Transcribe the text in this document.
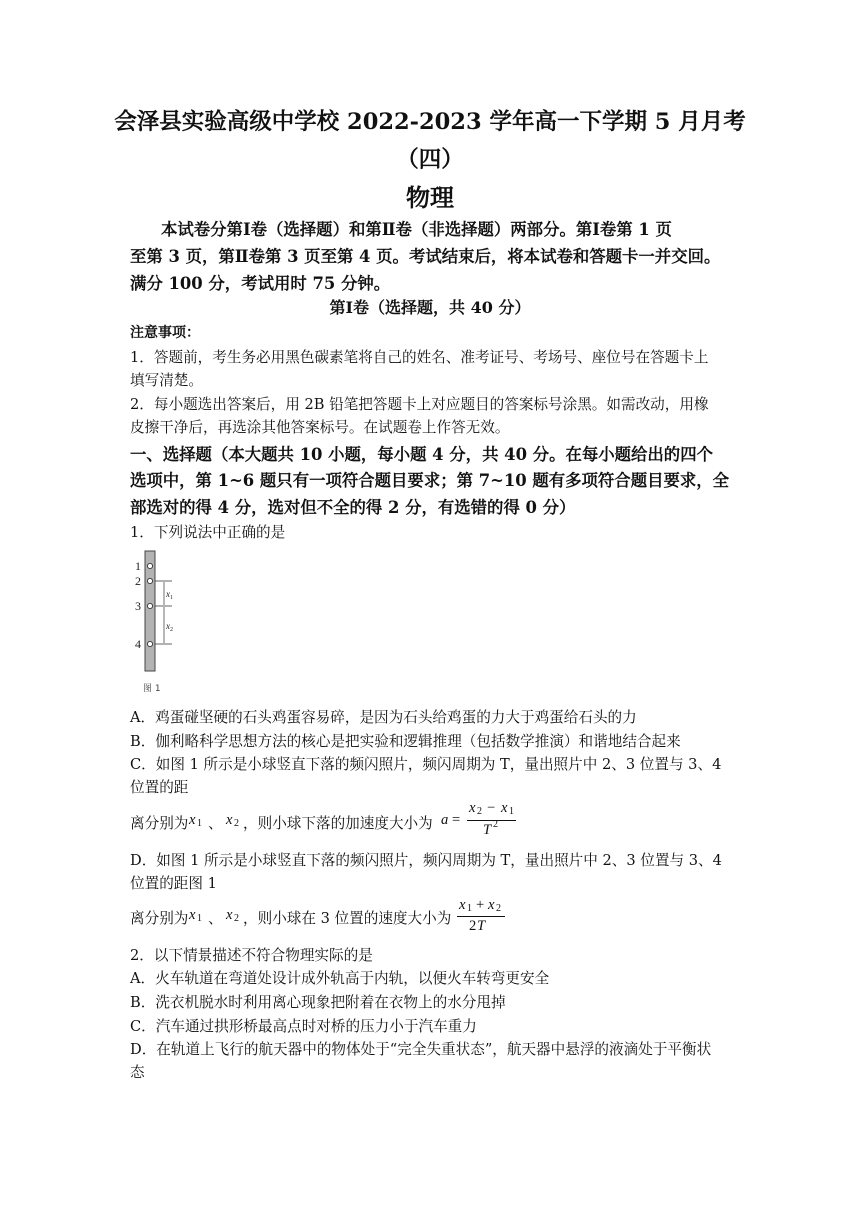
会泽县实验高级中学校 2022-2023 学年高一下学期 5 月月考
（四）
物理
本试卷分第Ⅰ卷（选择题）和第Ⅱ卷（非选择题）两部分。第Ⅰ卷第 1 页
至第 3 页，第Ⅱ卷第 3 页至第 4 页。考试结束后，将本试卷和答题卡一并交回。
满分 100 分，考试用时 75 分钟。
第Ⅰ卷（选择题，共 40 分）
注意事项：
1．答题前，考生务必用黑色碳素笔将自己的姓名、准考证号、考场号、座位号在答题卡上
填写清楚。
2．每小题选出答案后，用 2B 铅笔把答题卡上对应题目的答案标号涂黑。如需改动，用橡
皮擦干净后，再选涂其他答案标号。在试题卷上作答无效。
一、选择题（本大题共 10 小题，每小题 4 分，共 40 分。在每小题给出的四个
选项中，第 1~6 题只有一项符合题目要求；第 7~10 题有多项符合题目要求，全
部选对的得 4 分，选对但不全的得 2 分，有选错的得 0 分）
1．下列说法中正确的是
1
2
3
4
$x_1$
$x_2$
图 1
A．鸡蛋碰坚硬的石头鸡蛋容易碎，是因为石头给鸡蛋的力大于鸡蛋给石头的力
B．伽利略科学思想方法的核心是把实验和逻辑推理（包括数学推演）和谐地结合起来
C．如图 1 所示是小球竖直下落的频闪照片，频闪周期为 T，量出照片中 2、3 位置与 3、4
位置的距
离分别为 x 1 、 x 2 ，则小球下落的加速度大小为 a =
x 2 − x 1
T 2
D．如图 1 所示是小球竖直下落的频闪照片，频闪周期为 T，量出照片中 2、3 位置与 3、4
位置的距图 1
离分别为 x 1 、 x 2 ，则小球在 3 位置的速度大小为
x 1 + x 2
2 T
2．以下情景描述不符合物理实际的是
A．火车轨道在弯道处设计成外轨高于内轨，以便火车转弯更安全
B．洗衣机脱水时利用离心现象把附着在衣物上的水分甩掉
C．汽车通过拱形桥最高点时对桥的压力小于汽车重力
D．在轨道上飞行的航天器中的物体处于“完全失重状态”，航天器中悬浮的液滴处于平衡状
态
